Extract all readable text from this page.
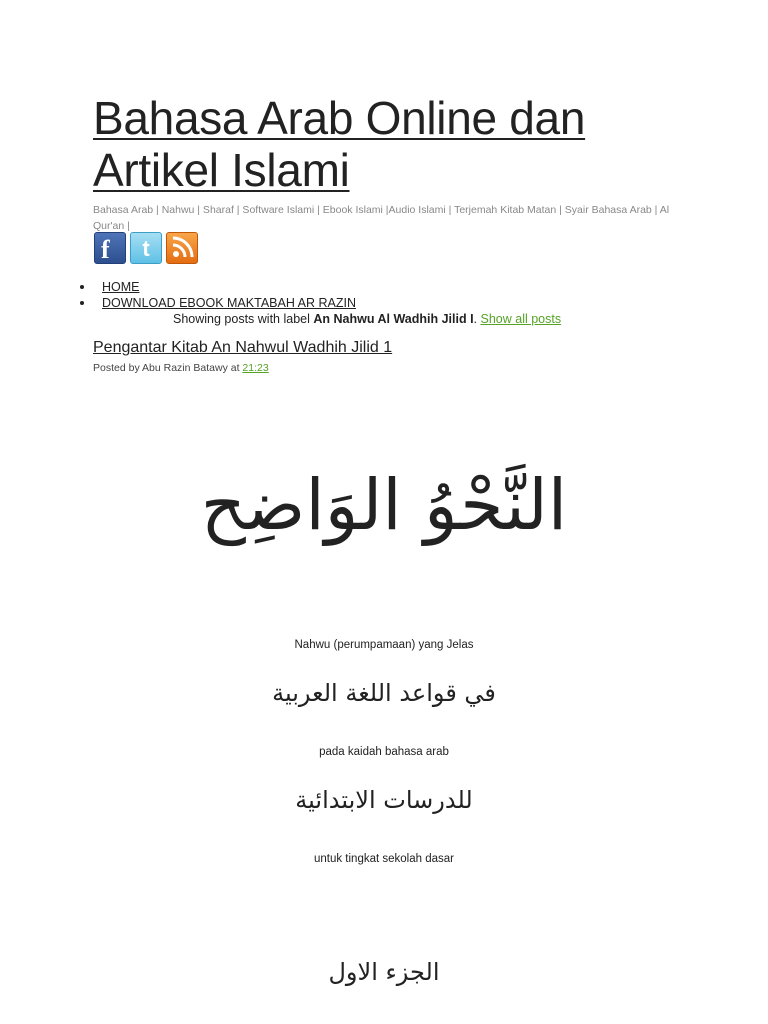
Bahasa Arab Online dan Artikel Islami
Bahasa Arab | Nahwu | Sharaf | Software Islami | Ebook Islami |Audio Islami | Terjemah Kitab Matan | Syair Bahasa Arab | Al Qur'an |
f	t
HOME
DOWNLOAD EBOOK MAKTABAH AR RAZIN
Showing posts with label An Nahwu Al Wadhih Jilid I. Show all posts
Pengantar Kitab An Nahwul Wadhih Jilid 1
Posted by Abu Razin Batawy at 21:23
النَّحْوُ الوَاضِح
Nahwu (perumpamaan) yang Jelas
في قواعد اللغة العربية
pada kaidah bahasa arab
للدرسات الابتدائية
untuk tingkat sekolah dasar
الجزء الاول
